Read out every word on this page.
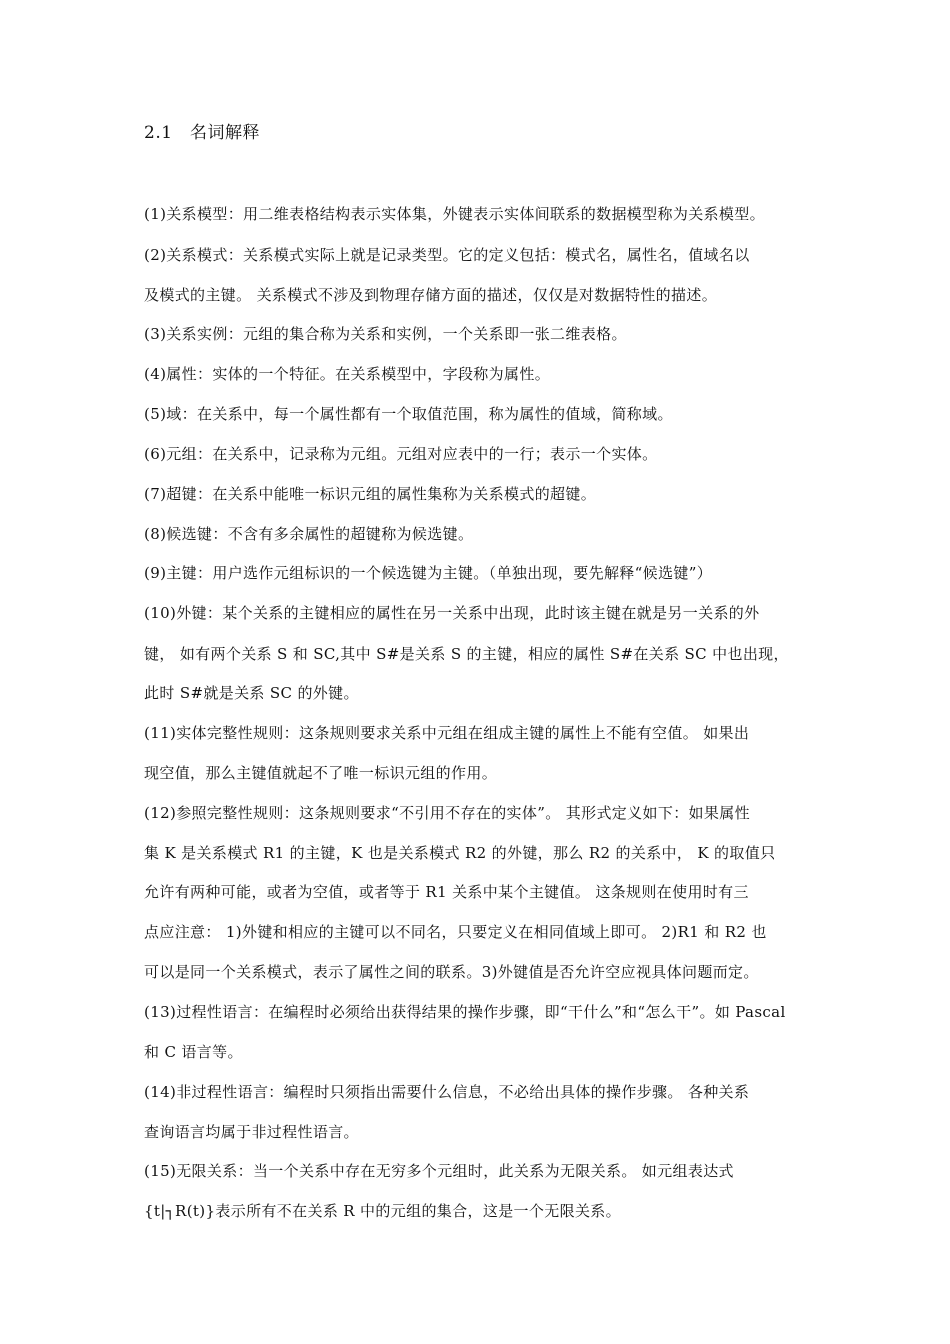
2.1　名词解释
(1)关系模型：用二维表格结构表示实体集，外键表示实体间联系的数据模型称为关系模型。
(2)关系模式：关系模式实际上就是记录类型。它的定义包括：模式名，属性名，值域名以
及模式的主键。 关系模式不涉及到物理存储方面的描述，仅仅是对数据特性的描述。
(3)关系实例：元组的集合称为关系和实例，一个关系即一张二维表格。
(4)属性：实体的一个特征。在关系模型中，字段称为属性。
(5)域：在关系中，每一个属性都有一个取值范围，称为属性的值域，简称域。
(6)元组：在关系中，记录称为元组。元组对应表中的一行；表示一个实体。
(7)超键：在关系中能唯一标识元组的属性集称为关系模式的超键。
(8)候选键：不含有多余属性的超键称为候选键。
(9)主键：用户选作元组标识的一个候选键为主键。（单独出现，要先解释“候选键”）
(10)外键：某个关系的主键相应的属性在另一关系中出现，此时该主键在就是另一关系的外
键， 如有两个关系 S 和 SC,其中 S#是关系 S 的主键，相应的属性 S#在关系 SC 中也出现，
此时 S#就是关系 SC 的外键。
(11)实体完整性规则：这条规则要求关系中元组在组成主键的属性上不能有空值。 如果出
现空值，那么主键值就起不了唯一标识元组的作用。
(12)参照完整性规则：这条规则要求“不引用不存在的实体”。 其形式定义如下：如果属性
集 K 是关系模式 R1 的主键，K 也是关系模式 R2 的外键，那么 R2 的关系中， K 的取值只
允许有两种可能，或者为空值，或者等于 R1 关系中某个主键值。 这条规则在使用时有三
点应注意： 1)外键和相应的主键可以不同名，只要定义在相同值域上即可。 2)R1 和 R2 也
可以是同一个关系模式，表示了属性之间的联系。3)外键值是否允许空应视具体问题而定。
(13)过程性语言：在编程时必须给出获得结果的操作步骤，即“干什么”和“怎么干”。如 Pascal
和 C 语言等。
(14)非过程性语言：编程时只须指出需要什么信息，不必给出具体的操作步骤。 各种关系
查询语言均属于非过程性语言。
(15)无限关系：当一个关系中存在无穷多个元组时，此关系为无限关系。 如元组表达式
{t|┐R(t)}表示所有不在关系 R 中的元组的集合，这是一个无限关系。
